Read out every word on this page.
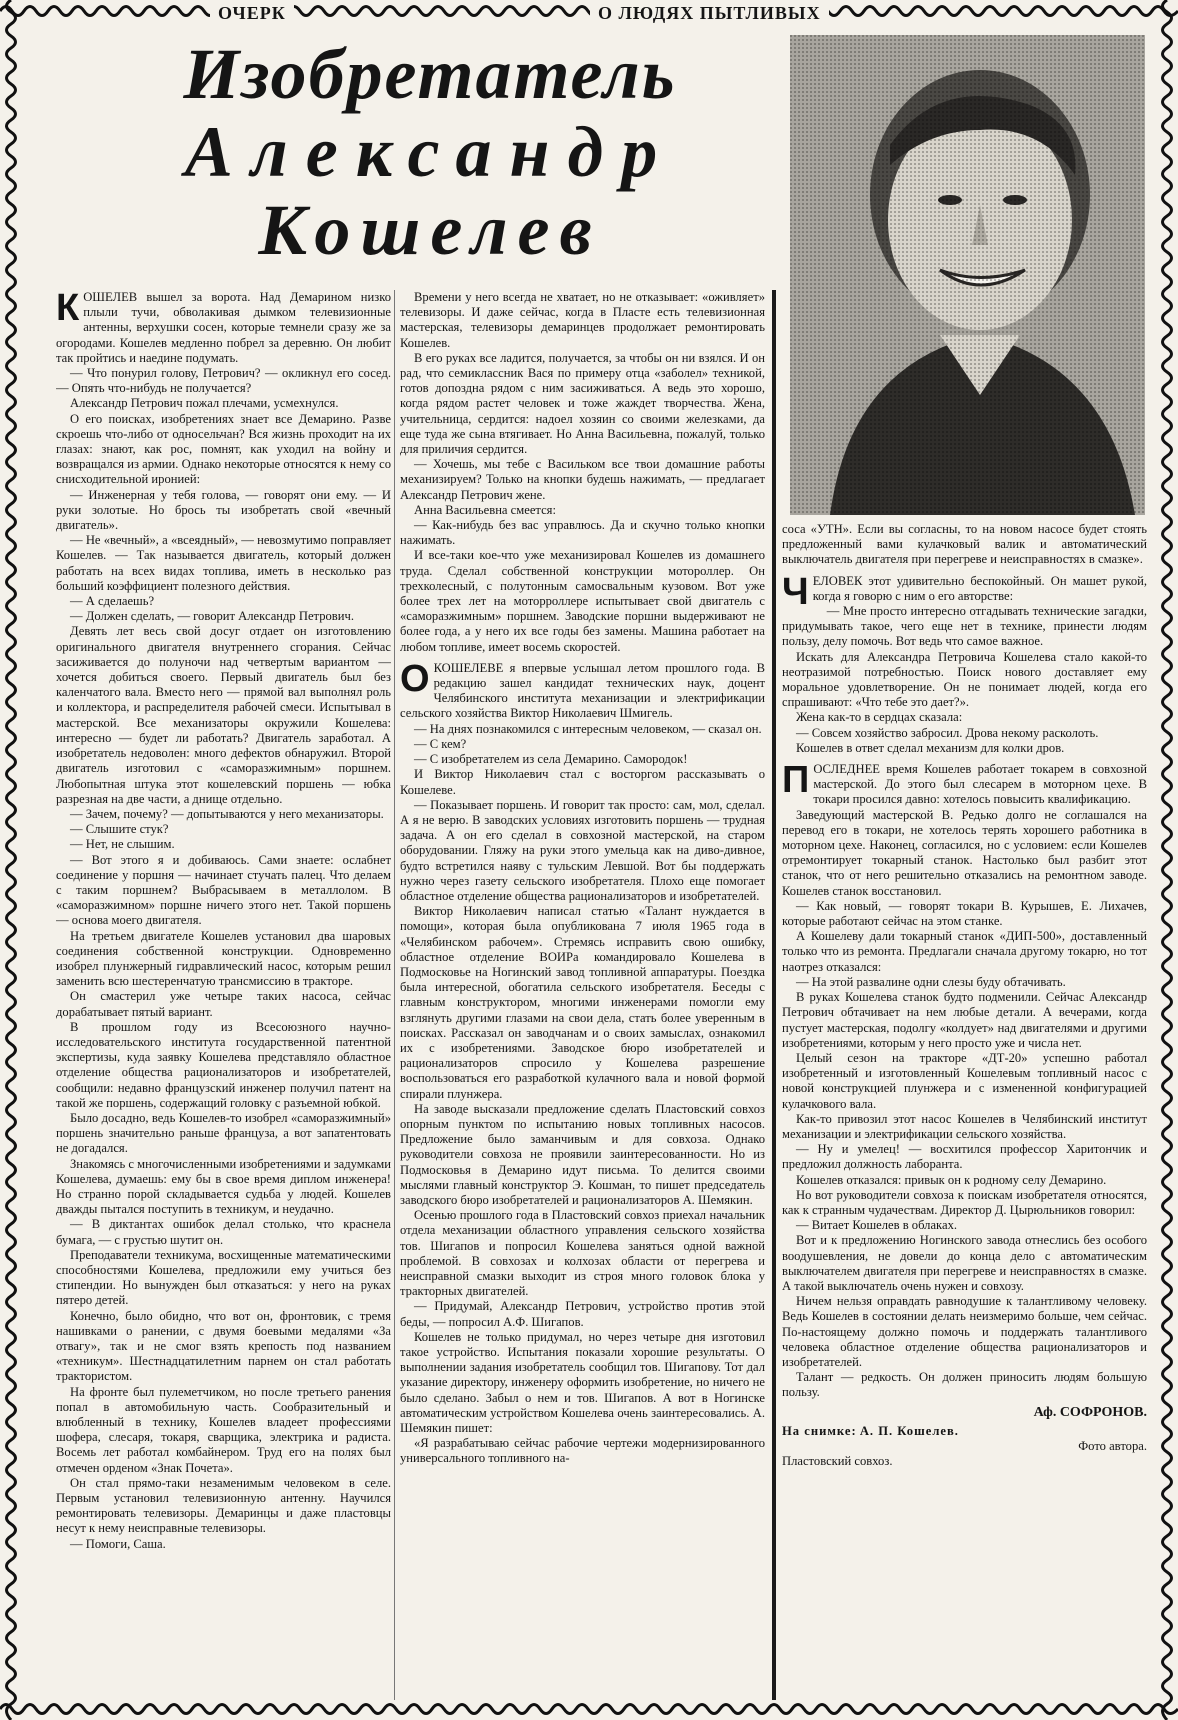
ОЧЕРК	О ЛЮДЯХ ПЫТЛИВЫХ
Изобретатель
Александр
Кошелев
К ОШЕЛЕВ вышел за ворота. Над Демарином низко плыли тучи, обволакивая дымком телевизионные антенны, верхушки сосен, которые темнели сразу же за огородами. Кошелев медленно побрел за деревню. Он любит так пройтись и наедине подумать.

— Что понурил голову, Петрович? — окликнул его сосед. — Опять что-нибудь не получается?

Александр Петрович пожал плечами, усмехнулся.

О его поисках, изобретениях знает все Демарино. Разве скроешь что-либо от односельчан? Вся жизнь проходит на их глазах: знают, как рос, помнят, как уходил на войну и возвращался из армии. Однако некоторые относятся к нему со снисходительной иронией:

— Инженерная у тебя голова, — говорят они ему. — И руки золотые. Но брось ты изобретать свой «вечный двигатель».

— Не «вечный», а «всеядный», — невозмутимо поправляет Кошелев. — Так называется двигатель, который должен работать на всех видах топлива, иметь в несколько раз больший коэффициент полезного действия.

— А сделаешь?

— Должен сделать, — говорит Александр Петрович.

Девять лет весь свой досуг отдает он изготовлению оригинального двигателя внутреннего сгорания. Сейчас засиживается до полуночи над четвертым вариантом — хочется добиться своего. Первый двигатель был без каленчатого вала. Вместо него — прямой вал выполнял роль и коллектора, и распределителя рабочей смеси. Испытывал в мастерской. Все механизаторы окружили Кошелева: интересно — будет ли работать? Двигатель заработал. А изобретатель недоволен: много дефектов обнаружил. Второй двигатель изготовил с «саморазжимным» поршнем. Любопытная штука этот кошелевский поршень — юбка разрезная на две части, а днище отдельно.

— Зачем, почему? — допытываются у него механизаторы.

— Слышите стук?

— Нет, не слышим.

— Вот этого я и добиваюсь. Сами знаете: ослабнет соединение у поршня — начинает стучать палец. Что делаем с таким поршнем? Выбрасываем в металлолом. В «саморазжимном» поршне ничего этого нет. Такой поршень — основа моего двигателя.

На третьем двигателе Кошелев установил два шаровых соединения собственной конструкции. Одновременно изобрел плунжерный гидравлический насос, которым решил заменить всю шестеренчатую трансмиссию в тракторе.

Он смастерил уже четыре таких насоса, сейчас дорабатывает пятый вариант.

В прошлом году из Всесоюзного научно-исследовательского института государственной патентной экспертизы, куда заявку Кошелева представляло областное отделение общества рационализаторов и изобретателей, сообщили: недавно французский инженер получил патент на такой же поршень, содержащий головку с разъемной юбкой.

Было досадно, ведь Кошелев-то изобрел «саморазжимный» поршень значительно раньше француза, а вот запатентовать не догадался.

Знакомясь с многочисленными изобретениями и задумками Кошелева, думаешь: ему бы в свое время диплом инженера! Но странно порой складывается судьба у людей. Кошелев дважды пытался поступить в техникум, и неудачно.

— В диктантах ошибок делал столько, что краснела бумага, — с грустью шутит он.

Преподаватели техникума, восхищенные математическими способностями Кошелева, предложили ему учиться без стипендии. Но вынужден был отказаться: у него на руках пятеро детей.

Конечно, было обидно, что вот он, фронтовик, с тремя нашивками о ранении, с двумя боевыми медалями «За отвагу», так и не смог взять крепость под названием «техникум». Шестнадцатилетним парнем он стал работать трактористом.

На фронте был пулеметчиком, но после третьего ранения попал в автомобильную часть. Сообразительный и влюбленный в технику, Кошелев владеет профессиями шофера, слесаря, токаря, сварщика, электрика и радиста. Восемь лет работал комбайнером. Труд его на полях был отмечен орденом «Знак Почета».

Он стал прямо-таки незаменимым человеком в селе. Первым установил телевизионную антенну. Научился ремонтировать телевизоры. Демаринцы и даже пластовцы несут к нему неисправные телевизоры.

— Помоги, Саша.

Времени у него всегда не хватает, но не отказывает: «оживляет» телевизоры. И даже сейчас, когда в Пласте есть телевизионная мастерская, телевизоры демаринцев продолжает ремонтировать Кошелев.

В его руках все ладится, получается, за чтобы он ни взялся. И он рад, что семиклассник Вася по примеру отца «заболел» техникой, готов допоздна рядом с ним засиживаться. А ведь это хорошо, когда рядом растет человек и тоже жаждет творчества. Жена, учительница, сердится: надоел хозяин со своими железками, да еще туда же сына втягивает. Но Анна Васильевна, пожалуй, только для приличия сердится.

— Хочешь, мы тебе с Васильком все твои домашние работы механизируем? Только на кнопки будешь нажимать, — предлагает Александр Петрович жене.

Анна Васильевна смеется:

— Как-нибудь без вас управлюсь. Да и скучно только кнопки нажимать.

И все-таки кое-что уже механизировал Кошелев из домашнего труда. Сделал собственной конструкции мотороллер. Он трехколесный, с полутонным самосвальным кузовом. Вот уже более трех лет на моторроллере испытывает свой двигатель с «саморазжимным» поршнем. Заводские поршни выдерживают не более года, а у него их все годы без замены. Машина работает на любом топливе, имеет восемь скоростей.

О КОШЕЛЕВЕ я впервые услышал летом прошлого года. В редакцию зашел кандидат технических наук, доцент Челябинского института механизации и электрификации сельского хозяйства Виктор Николаевич Шмигель.

— На днях познакомился с интересным человеком, — сказал он.

— С кем?

— С изобретателем из села Демарино. Самородок!

И Виктор Николаевич стал с восторгом рассказывать о Кошелеве.

— Показывает поршень. И говорит так просто: сам, мол, сделал. А я не верю. В заводских условиях изготовить поршень — трудная задача. А он его сделал в совхозной мастерской, на старом оборудовании. Гляжу на руки этого умельца как на диво-дивное, будто встретился наяву с тульским Левшой. Вот бы поддержать нужно через газету сельского изобретателя. Плохо еще помогает областное отделение общества рационализаторов и изобретателей.

Виктор Николаевич написал статью «Талант нуждается в помощи», которая была опубликована 7 июля 1965 года в «Челябинском рабочем». Стремясь исправить свою ошибку, областное отделение ВОИРа командировало Кошелева в Подмосковье на Ногинский завод топливной аппаратуры. Поездка была интересной, обогатила сельского изобретателя. Беседы с главным конструктором, многими инженерами помогли ему взглянуть другими глазами на свои дела, стать более уверенным в поисках. Рассказал он заводчанам и о своих замыслах, ознакомил их с изобретениями. Заводское бюро изобретателей и рационализаторов спросило у Кошелева разрешение воспользоваться его разработкой кулачного вала и новой формой спирали плунжера.

На заводе высказали предложение сделать Пластовский совхоз опорным пунктом по испытанию новых топливных насосов. Предложение было заманчивым и для совхоза. Однако руководители совхоза не проявили заинтересованности. Но из Подмосковья в Демарино идут письма. То делится своими мыслями главный конструктор Э. Кошман, то пишет председатель заводского бюро изобретателей и рационализаторов А. Шемякин.

Осенью прошлого года в Пластовский совхоз приехал начальник отдела механизации областного управления сельского хозяйства тов. Шигапов и попросил Кошелева заняться одной важной проблемой. В совхозах и колхозах области от перегрева и неисправной смазки выходит из строя много головок блока у тракторных двигателей.

— Придумай, Александр Петрович, устройство против этой беды, — попросил А.Ф. Шигапов.

Кошелев не только придумал, но через четыре дня изготовил такое устройство. Испытания показали хорошие результаты. О выполнении задания изобретатель сообщил тов. Шигапову. Тот дал указание директору, инженеру оформить изобретение, но ничего не было сделано. Забыл о нем и тов. Шигапов. А вот в Ногинске автоматическим устройством Кошелева очень заинтересовались. А. Шемякин пишет:

«Я разрабатываю сейчас рабочие чертежи модернизированного универсального топливного на-

соса «УТН». Если вы согласны, то на новом насосе будет стоять предложенный вами кулачковый валик и автоматический выключатель двигателя при перегреве и неисправностях в смазке».

Ч ЕЛОВЕК этот удивительно беспокойный. Он машет рукой, когда я говорю с ним о его авторстве:

— Мне просто интересно отгадывать технические загадки, придумывать такое, чего еще нет в технике, принести людям пользу, делу помочь. Вот ведь что самое важное.

Искать для Александра Петровича Кошелева стало какой-то неотразимой потребностью. Поиск нового доставляет ему моральное удовлетворение. Он не понимает людей, когда его спрашивают: «Что тебе это дает?».

Жена как-то в сердцах сказала:

— Совсем хозяйство забросил. Дрова некому расколоть.

Кошелев в ответ сделал механизм для колки дров.

П ОСЛЕДНЕЕ время Кошелев работает токарем в совхозной мастерской. До этого был слесарем в моторном цехе. В токари просился давно: хотелось повысить квалификацию.

Заведующий мастерской В. Редько долго не соглашался на перевод его в токари, не хотелось терять хорошего работника в моторном цехе. Наконец, согласился, но с условием: если Кошелев отремонтирует токарный станок. Настолько был разбит этот станок, что от него решительно отказались на ремонтном заводе. Кошелев станок восстановил.

— Как новый, — говорят токари В. Курышев, Е. Лихачев, которые работают сейчас на этом станке.

А Кошелеву дали токарный станок «ДИП-500», доставленный только что из ремонта. Предлагали сначала другому токарю, но тот наотрез отказался:

— На этой развалине одни слезы буду обтачивать.

В руках Кошелева станок будто подменили. Сейчас Александр Петрович обтачивает на нем любые детали. А вечерами, когда пустует мастерская, подолгу «колдует» над двигателями и другими изобретениями, которым у него просто уже и числа нет.

Целый сезон на тракторе «ДТ-20» успешно работал изобретенный и изготовленный Кошелевым топливный насос с новой конструкцией плунжера и с измененной конфигурацией кулачкового вала.

Как-то привозил этот насос Кошелев в Челябинский институт механизации и электрификации сельского хозяйства.

— Ну и умелец! — восхитился профессор Харитончик и предложил должность лаборанта.

Кошелев отказался: привык он к родному селу Демарино.

Но вот руководители совхоза к поискам изобретателя относятся, как к странным чудачествам. Директор Д. Цырюльников говорил:

— Витает Кошелев в облаках.

Вот и к предложению Ногинского завода отнеслись без особого воодушевления, не довели до конца дело с автоматическим выключателем двигателя при перегреве и неисправностях в смазке. А такой выключатель очень нужен и совхозу.

Ничем нельзя оправдать равнодушие к талантливому человеку. Ведь Кошелев в состоянии делать неизмеримо больше, чем сейчас. По-настоящему должно помочь и поддержать талантливого человека областное отделение общества рационализаторов и изобретателей.

Талант — редкость. Он должен приносить людям большую пользу.

Аф. СОФРОНОВ.

На снимке: А. П. Кошелев.

Фото автора.

Пластовский совхоз.
